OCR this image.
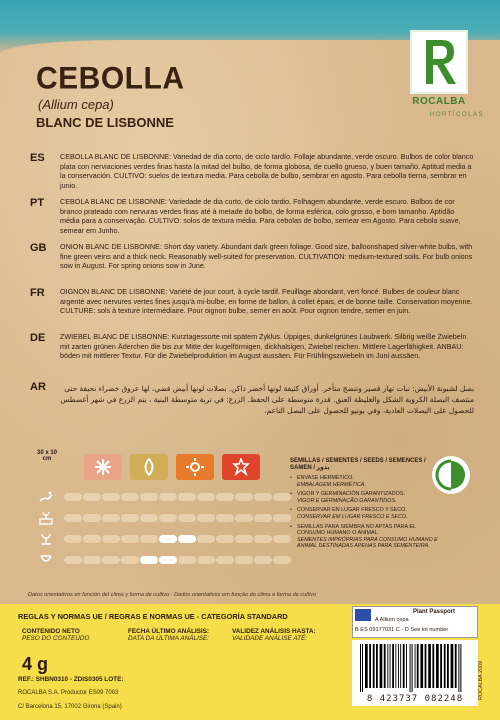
ROCALBA
HORTÍCOLAS
CEBOLLA
(Allium cepa)
BLANC DE LISBONNE
ES	CEBOLLA BLANC DE LISBONNE: Variedad de día corto, de ciclo tardío. Follaje abundante, verde oscuro. Bulbos de color blanco plata con nerviaciones verdes finas hasta la mitad del bulbo, de forma globosa, de cuello grueso, y buen tamaño. Aptitud media a la conservación. CULTIVO: suelos de textura media. Para cebolla de bulbo, sembrar en agosto. Para cebolla tierna, sembrar en junio.
PT	CEBOLA BLANC DE LISBONNE: Variedade de dia curto, de ciclo tardio. Folhagem abundante, verde escuro. Bolbos de cor branco prateado com nervuras verdes finas até à metade do bolbo, de forma esférica, colo grosso, e bom tamanho. Aptidão média para a conservação. CULTIVO: solos de textura média. Para cebolas de bolbo, semear em Agosto. Para cebola suave, semear em Junho.
GB	ONION BLANC DE LISBONNE: Short day variety. Abundant dark green foliage. Good size, balloonshaped silver-white bulbs, with fine green veins and a thick neck. Reasonably well-suited for preservation. CULTIVATION: medium-textured soils. For bulb onions sow in August. For spring onions sow in June.
FR	OIGNON BLANC DE LISBONNE: Variété de jour court, à cycle tardif. Feuillage abondant, vert foncé. Bulbes de couleur blanc argenté avec nervures vertes fines jusqu'à mi-bulbe, en forme de ballon, à collet épais, et de bonne taille. Conservation moyenne. CULTURE: sols à texture intermédiaire. Pour oignon bulbe, semer en août. Pour oignon tendre, semer en juin.
DE	ZWIEBEL BLANC DE LISBONNE: Kurztagessorte mit spätem Zyklus. Üppiges, dunkelgrünes Laubwerk. Silbrig weiße Zwiebeln mit zarten grünen Äderchen die bis zur Mitte der kugelförmigen, dickhalsigen, Zwiebel reichen. Mittlere Lagerfähigkeit. ANBAU: böden mit mittlerer Textur. Für die Zwiebelproduktion im August aussäen. Für Frühlingszwiebeln im Juni aussäen.
AR	بصل لشبونة الأبيض: نبات نهار قصير وتنضج متأخر. أوراق كثيفة لونها أخضر داكن. بصلات لونها أبيض فضي، لها عروق خضراء نحيفة حتى منتصف البصلة الكروية الشكل والغليظة العنق. قدرة متوسطة على الحفظ. الزرع: في تربة متوسطة البنية ، يتم الزرع في شهر أغسطس للحصول على البصلات العادية، وفي يونيو للحصول على البصل الناعم.
30 x 10 cm	SEMILLAS / SEMENTES / SEEDS / SEMENCES / SAMEN / بذور
• ENVASE HERMÉTICO.
EMBALAGEM HERMÉTICA.
• VIGOR Y GERMINACIÓN GARANTIZADOS.
VIGOR E GERMINAÇÃO GARANTIDOS.
• CONSERVAR EN LUGAR FRESCO Y SECO.
CONSERVAR EM LUGAR FRESCO E SECO.
• SEMILLAS PARA SIEMBRA NO APTAS PARA EL CONSUMO HUMANO O ANIMAL.
SEMENTES IMPRÓPRIAS PARA CONSUMO HUMANO E ANIMAL DESTINADAS APENAS PARA SEMENTEIRA.
Datos orientativos en función del clima y forma de cultivo · Dados orientativos em função do clima e forma de cultivo
REGLAS Y NORMAS UE / REGRAS E NORMAS UE - CATEGORÍA STANDARD
CONTENIDO NETO
PESO DO CONTEÚDO
FECHA ÚLTIMO ANÁLISIS:
DATA DA ÚLTIMA ANÁLISE:
VALIDEZ ANÁLISIS HASTA:
VALIDADE ANÁLISE ATÉ:
4 g
REF.: SHBN0310 - ZDIS0305 LOTE:
ROCALBA S.A. Productor ES09 7003
C/ Barcelona 15, 17002 Girona (Spain)
Plant Passport
A Allium cepa
B ES 09177031 C - D See lot number
8 423737 082248	ROCALBA 2009
